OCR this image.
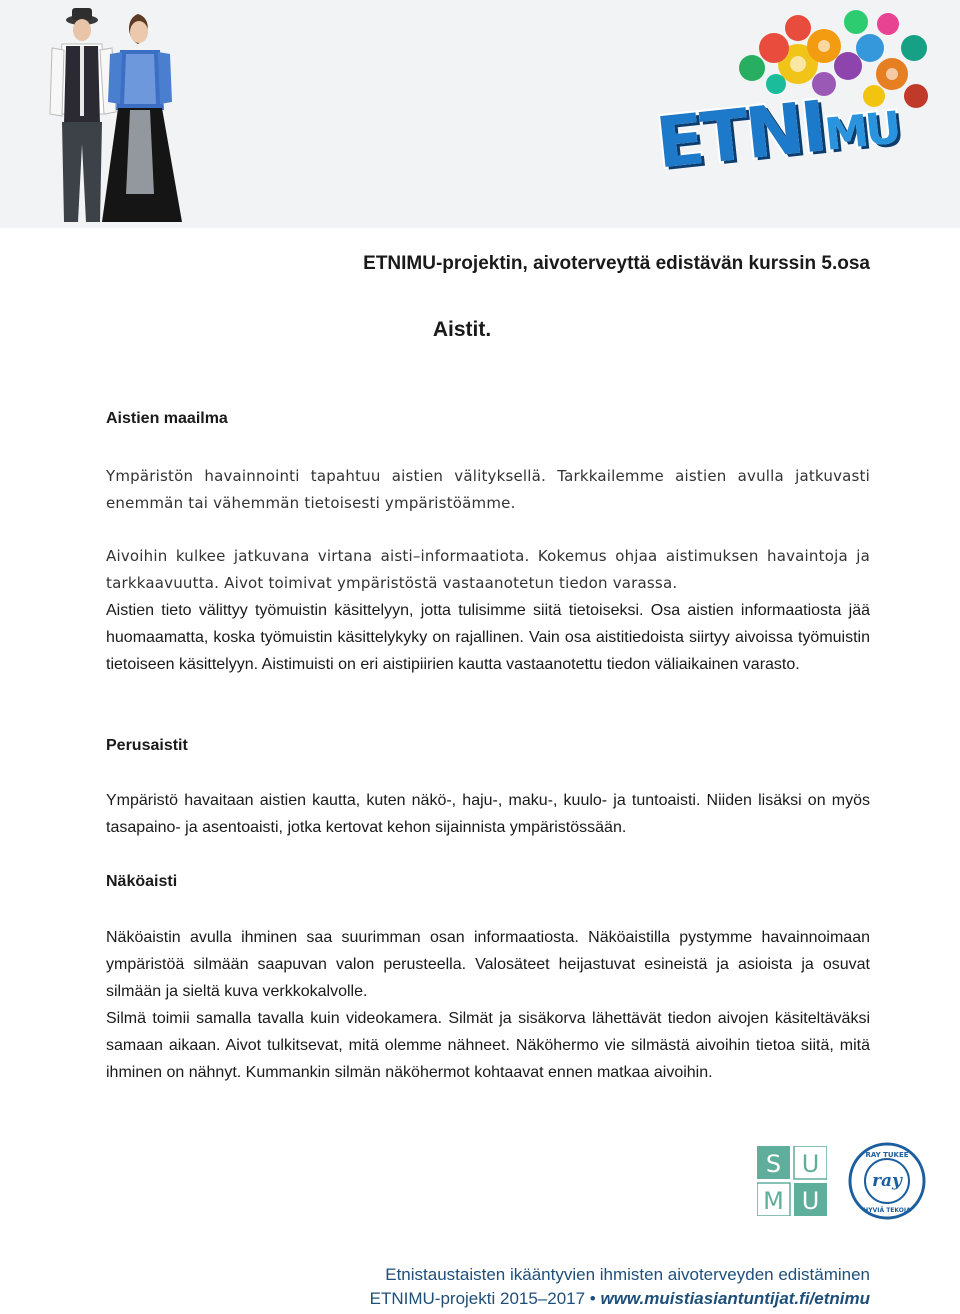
ETNIMU
ETNIMU-projektin, aivoterveyttä edistävän kurssin 5.osa
Aistit.
Aistien maailma

Ympäristön havainnointi tapahtuu aistien välityksellä. Tarkkailemme aistien avulla jatkuvasti enemmän tai vähemmän tietoisesti ympäristöämme.

Aivoihin kulkee jatkuvana virtana aisti–informaatiota. Kokemus ohjaa aistimuksen havaintoja ja tarkkaavuutta. Aivot toimivat ympäristöstä vastaanotetun tiedon varassa.

Aistien tieto välittyy työmuistin käsittelyyn, jotta tulisimme siitä tietoiseksi. Osa aistien informaatiosta jää huomaamatta, koska työmuistin käsittelykyky on rajallinen. Vain osa aistitiedoista siirtyy aivoissa työmuistin tietoiseen käsittelyyn. Aistimuisti on eri aistipiirien kautta vastaanotettu tiedon väliaikainen varasto.

Perusaistit

Ympäristö havaitaan aistien kautta, kuten näkö-, haju-, maku-, kuulo- ja tuntoaisti. Niiden lisäksi on myös tasapaino- ja asentoaisti, jotka kertovat kehon sijainnista ympäristössään.

Näköaisti

Näköaistin avulla ihminen saa suurimman osan informaatiosta. Näköaistilla pystymme havainnoimaan ympäristöä silmään saapuvan valon perusteella. Valosäteet heijastuvat esineistä ja asioista ja osuvat silmään ja sieltä kuva verkkokalvolle.

Silmä toimii samalla tavalla kuin videokamera. Silmät ja sisäkorva lähettävät tiedon aivojen käsiteltäväksi samaan aikaan. Aivot tulkitsevat, mitä olemme nähneet. Näköhermo vie silmästä aivoihin tietoa siitä, mitä ihminen on nähnyt. Kummankin silmän näköhermot kohtaavat ennen matkaa aivoihin.

S U
M U
ray
RAY TUKEE
HYVIÄ TEKOJA
Etnistaustaisten ikääntyvien ihmisten aivoterveyden edistäminen
ETNIMU-projekti 2015–2017 • www.muistiasiantuntijat.fi/etnimu
